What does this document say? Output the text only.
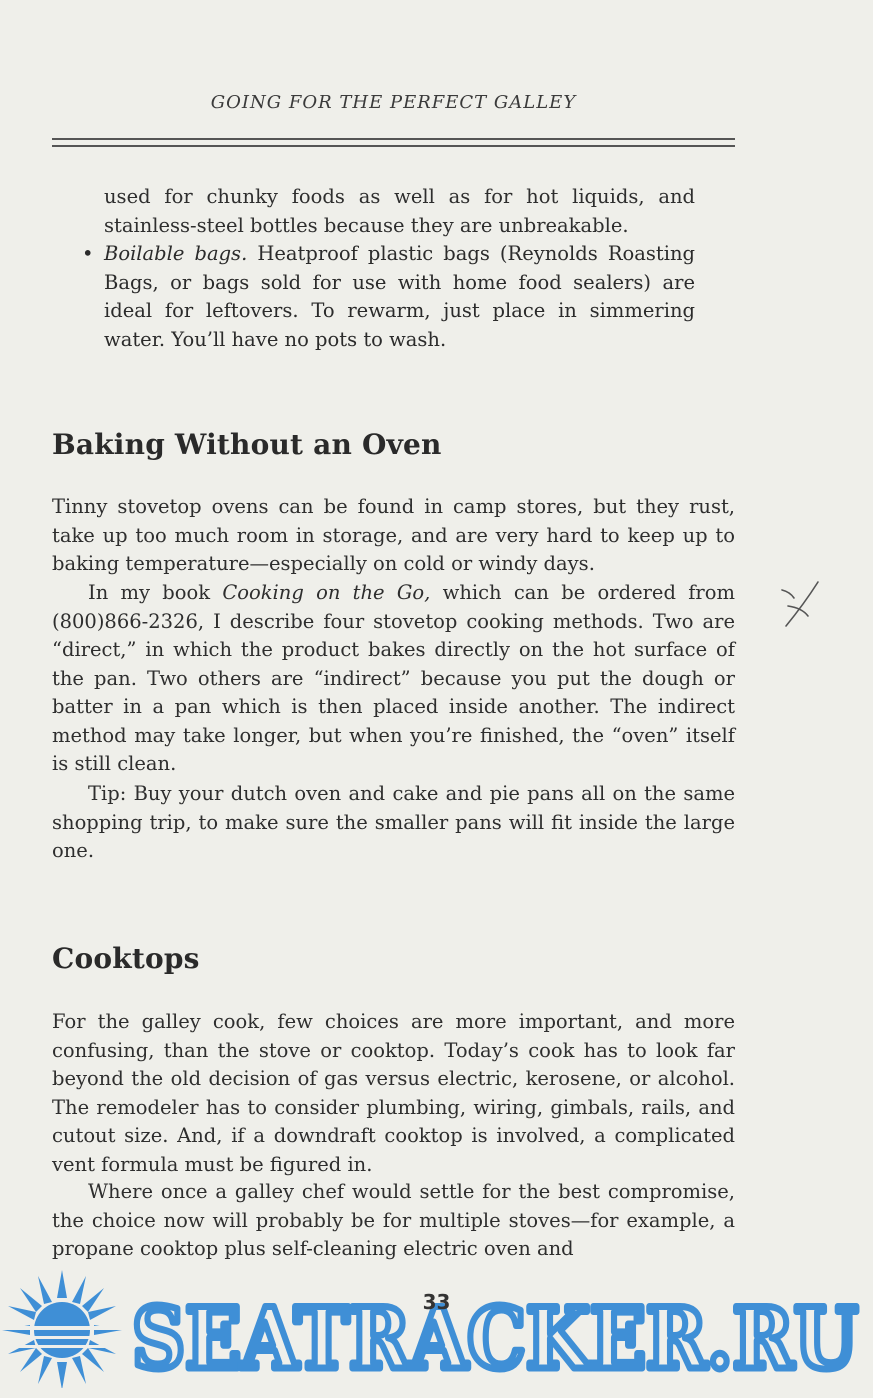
GOING FOR THE PERFECT GALLEY

used for chunky foods as well as for hot liquids, and stainless-steel bottles because they are unbreakable.

• Boilable bags. Heatproof plastic bags (Reynolds Roasting Bags, or bags sold for use with home food sealers) are ideal for leftovers. To rewarm, just place in simmering water. You’ll have no pots to wash.

Baking Without an Oven

Tinny stovetop ovens can be found in camp stores, but they rust, take up too much room in storage, and are very hard to keep up to baking temperature—especially on cold or windy days.

In my book Cooking on the Go, which can be ordered from (800)866-2326, I describe four stovetop cooking methods. Two are “direct,” in which the product bakes directly on the hot surface of the pan. Two others are “indirect” because you put the dough or batter in a pan which is then placed inside another. The indirect method may take longer, but when you’re finished, the “oven” itself is still clean.

Tip: Buy your dutch oven and cake and pie pans all on the same shopping trip, to make sure the smaller pans will fit inside the large one.

Cooktops

For the galley cook, few choices are more important, and more confusing, than the stove or cooktop. Today’s cook has to look far beyond the old decision of gas versus electric, kerosene, or alcohol. The remodeler has to consider plumbing, wiring, gimbals, rails, and cutout size. And, if a downdraft cooktop is involved, a complicated vent formula must be figured in.

Where once a galley chef would settle for the best compromise, the choice now will probably be for multiple stoves—for example, a propane cooktop plus self-cleaning electric oven and

33
SEATRACKER.RU
